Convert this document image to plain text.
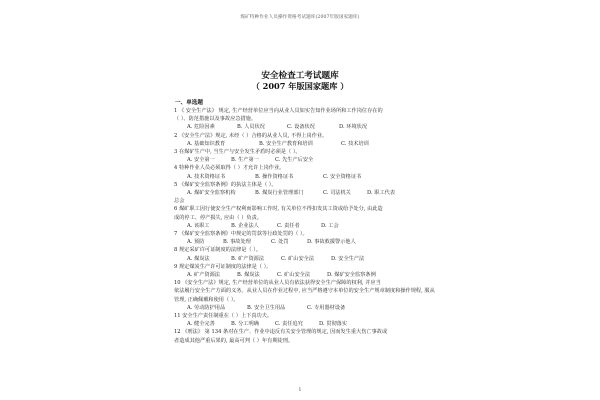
煤矿特种作业人员操作资格考试题库(2007年版国家题库)
安全检查工考试题库
（ 2007 年版国家题库 ）
一、单选题
1 《 安全生产法》 规定, 生产经营单位应当向从业人员如实告知作业场所和工作岗位存在的
（ ）、防范措施以及事故应急措施。
A. 危险因素	B. 人员状况	C. 设备状况	D. 环境状况
2 《安全生产法》规定, 未经（ ）合格的从业人员, 不得上岗作业。
A. 基础知识教育	B. 安全生产教育和培训	C. 技术培训
3 在煤矿生产中, 当生产与安全发生矛盾时必须是（ ）。
A. 安全第一	B. 生产第一	C. 先生产后安全
4 特种作业人员必须取得（ ）才允许上岗作业。
A. 技术资格证书	B. 操作资格证书	C. 安全资格证书
5 《煤矿安全监察条例》的执法主体是（ ）。
A. 煤矿安全监察机构	B. 煤炭行业管理部门	C. 司法机关	D. 职工代表
总会
6 煤矿职工因行使安全生产权利而影响工作时, 有关单位不得扣发其工资或给予处分, 由此造
成的停工、停产损失, 应由（ ）负责。
A. 该职工	B. 企业法人	C. 责任者	D. 工会
7 《煤矿安全监察条例》中规定的罚款等行政处罚的（ ）。
A. 预防	B. 事故处理	C. 处罚	D. 事故救援警示他人
8 规定采矿许可证制度的法律是（ ）。
A. 煤炭法	B. 矿产资源法	C. 矿山安全法	D. 安全生产法
9 规定煤炭生产许可证制度的法律是（ ）。
A. 矿产资源法	B. 煤炭法	C. 矿山安全法	D. 煤矿安全监察条例
10 《安全生产法》规定, 生产经营单位的从业人员有依法获得安全生产保障的权利, 并应当
依法履行安全生产方面的义务。从业人员在作业过程中, 应当严格遵守本单位的安全生产规章制度和操作规程, 服从管理, 正确佩戴和使用（ ）。
A. 劳动防护用品	B. 安全卫生用品	C. 专用器材设备
11 安全生产责任制重在（ ）上下真功夫。
A. 健全完善	B. 分工明确	C. 责任追究	D. 贯彻落实
12 《刑法》 第 134 条对在生产、作业中违反有关安全管理的规定, 因而发生重大伤亡事故或
者造成其他严重后果的, 最高可判（ ）年有期徒刑。
1
